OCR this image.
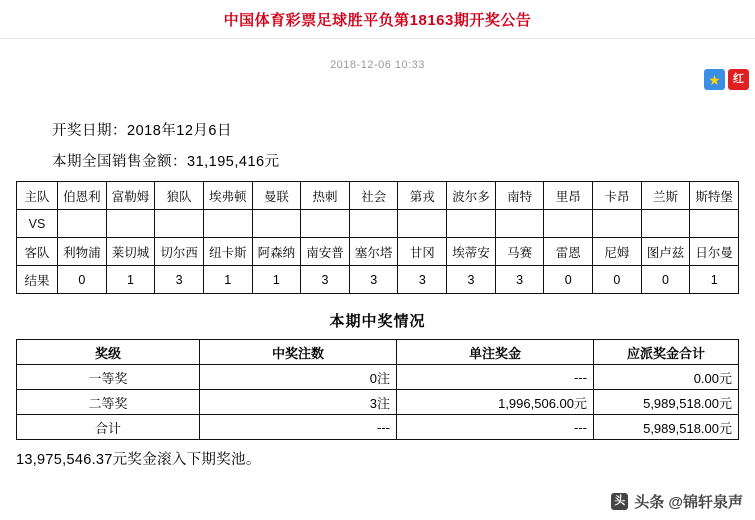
中国体育彩票足球胜平负第18163期开奖公告
2018-12-06 10:33
★	红
开奖日期：2018年12月6日
本期全国销售金额：31,195,416元
主队	伯恩利	富勒姆	狼队	埃弗顿	曼联	热刺	社会	第戎	波尔多	南特	里昂	卡昂	兰斯	斯特堡
VS														
客队	利物浦	莱切城	切尔西	纽卡斯	阿森纳	南安普	塞尔塔	甘冈	埃蒂安	马赛	雷恩	尼姆	图卢兹	日尔曼
结果	0	1	3	1	1	3	3	3	3	3	0	0	0	1
本期中奖情况
奖级	中奖注数	单注奖金	应派奖金合计
一等奖	0注	---	0.00元
二等奖	3注	1,996,506.00元	5,989,518.00元
合计	---	---	5,989,518.00元
13,975,546.37元奖金滚入下期奖池。
头 头条 @锦轩泉声
